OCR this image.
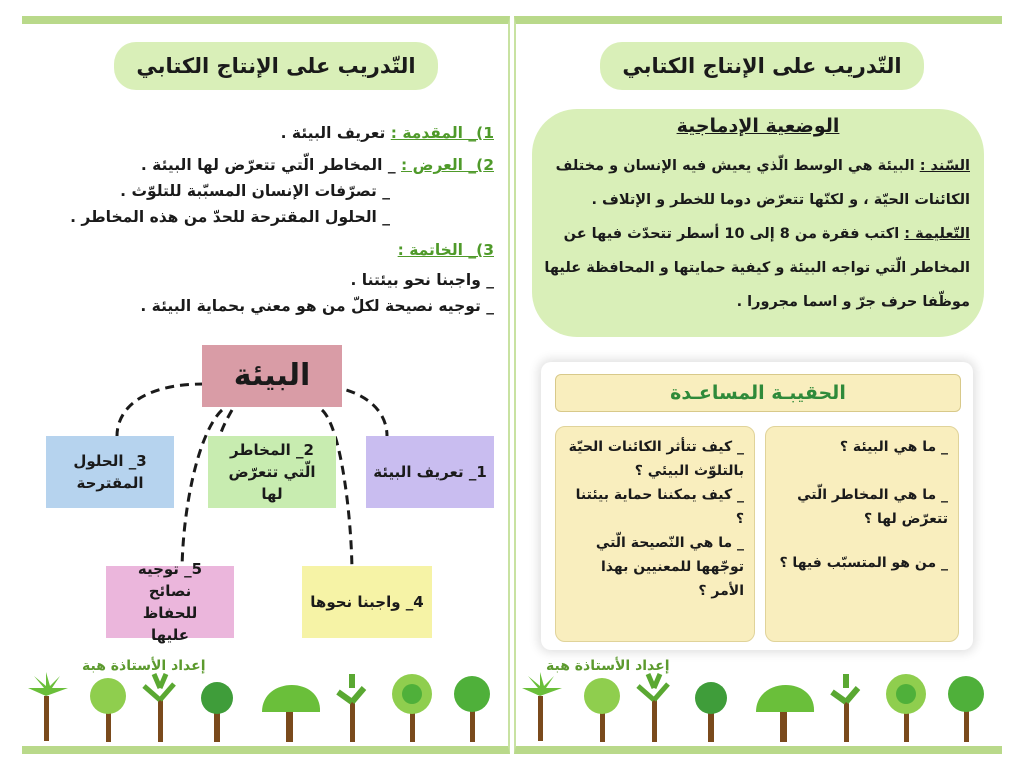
التّدريب على الإنتاج الكتابي
1)_ المقدمة : تعريف البيئة .
2)_ العرض : _ المخاطر الّتي تتعرّض لها البيئة .
_ تصرّفات الإنسان المسبّبة للتلوّث .
_ الحلول المقترحة للحدّ من هذه المخاطر .
3)_ الخاتمة :
_ واجبنا نحو بيئتنا .
_ توجيه نصيحة لكلّ من هو معني بحماية البيئة .
البيئة
1_ تعريف البيئة
2_ المخاطر الّتي تتعرّض لها
3_ الحلول المقترحة
4_ واجبنا نحوها
5_ توجيه نصائح للحفاظ عليها
إعداد الأستاذة هبة
التّدريب على الإنتاج الكتابي
الوضعية الإدماجية
السّند : البيئة هي الوسط الّذي يعيش فيه الإنسان و مختلف الكائنات الحيّة ، و لكنّها تتعرّض دوما للخطر و الإتلاف .
التّعليمة : اكتب فقرة من 8 إلى 10 أسطر تتحدّث فيها عن المخاطر الّتي تواجه البيئة و كيفية حمايتها و المحافظة عليها موظّفا حرف جرّ و اسما مجرورا .
الحقيبـة المساعـدة
_ ما هي البيئة ؟
_ ما هي المخاطر الّتي تتعرّض لها ؟
_ من هو المتسبّب فيها ؟
_ كيف تتأثر الكائنات الحيّة بالتلوّث البيئي ؟
_ كيف يمكننا حماية بيئتنا ؟
_ ما هي النّصيحة الّتي توجّهها للمعنيين بهذا الأمر ؟
إعداد الأستاذة هبة
